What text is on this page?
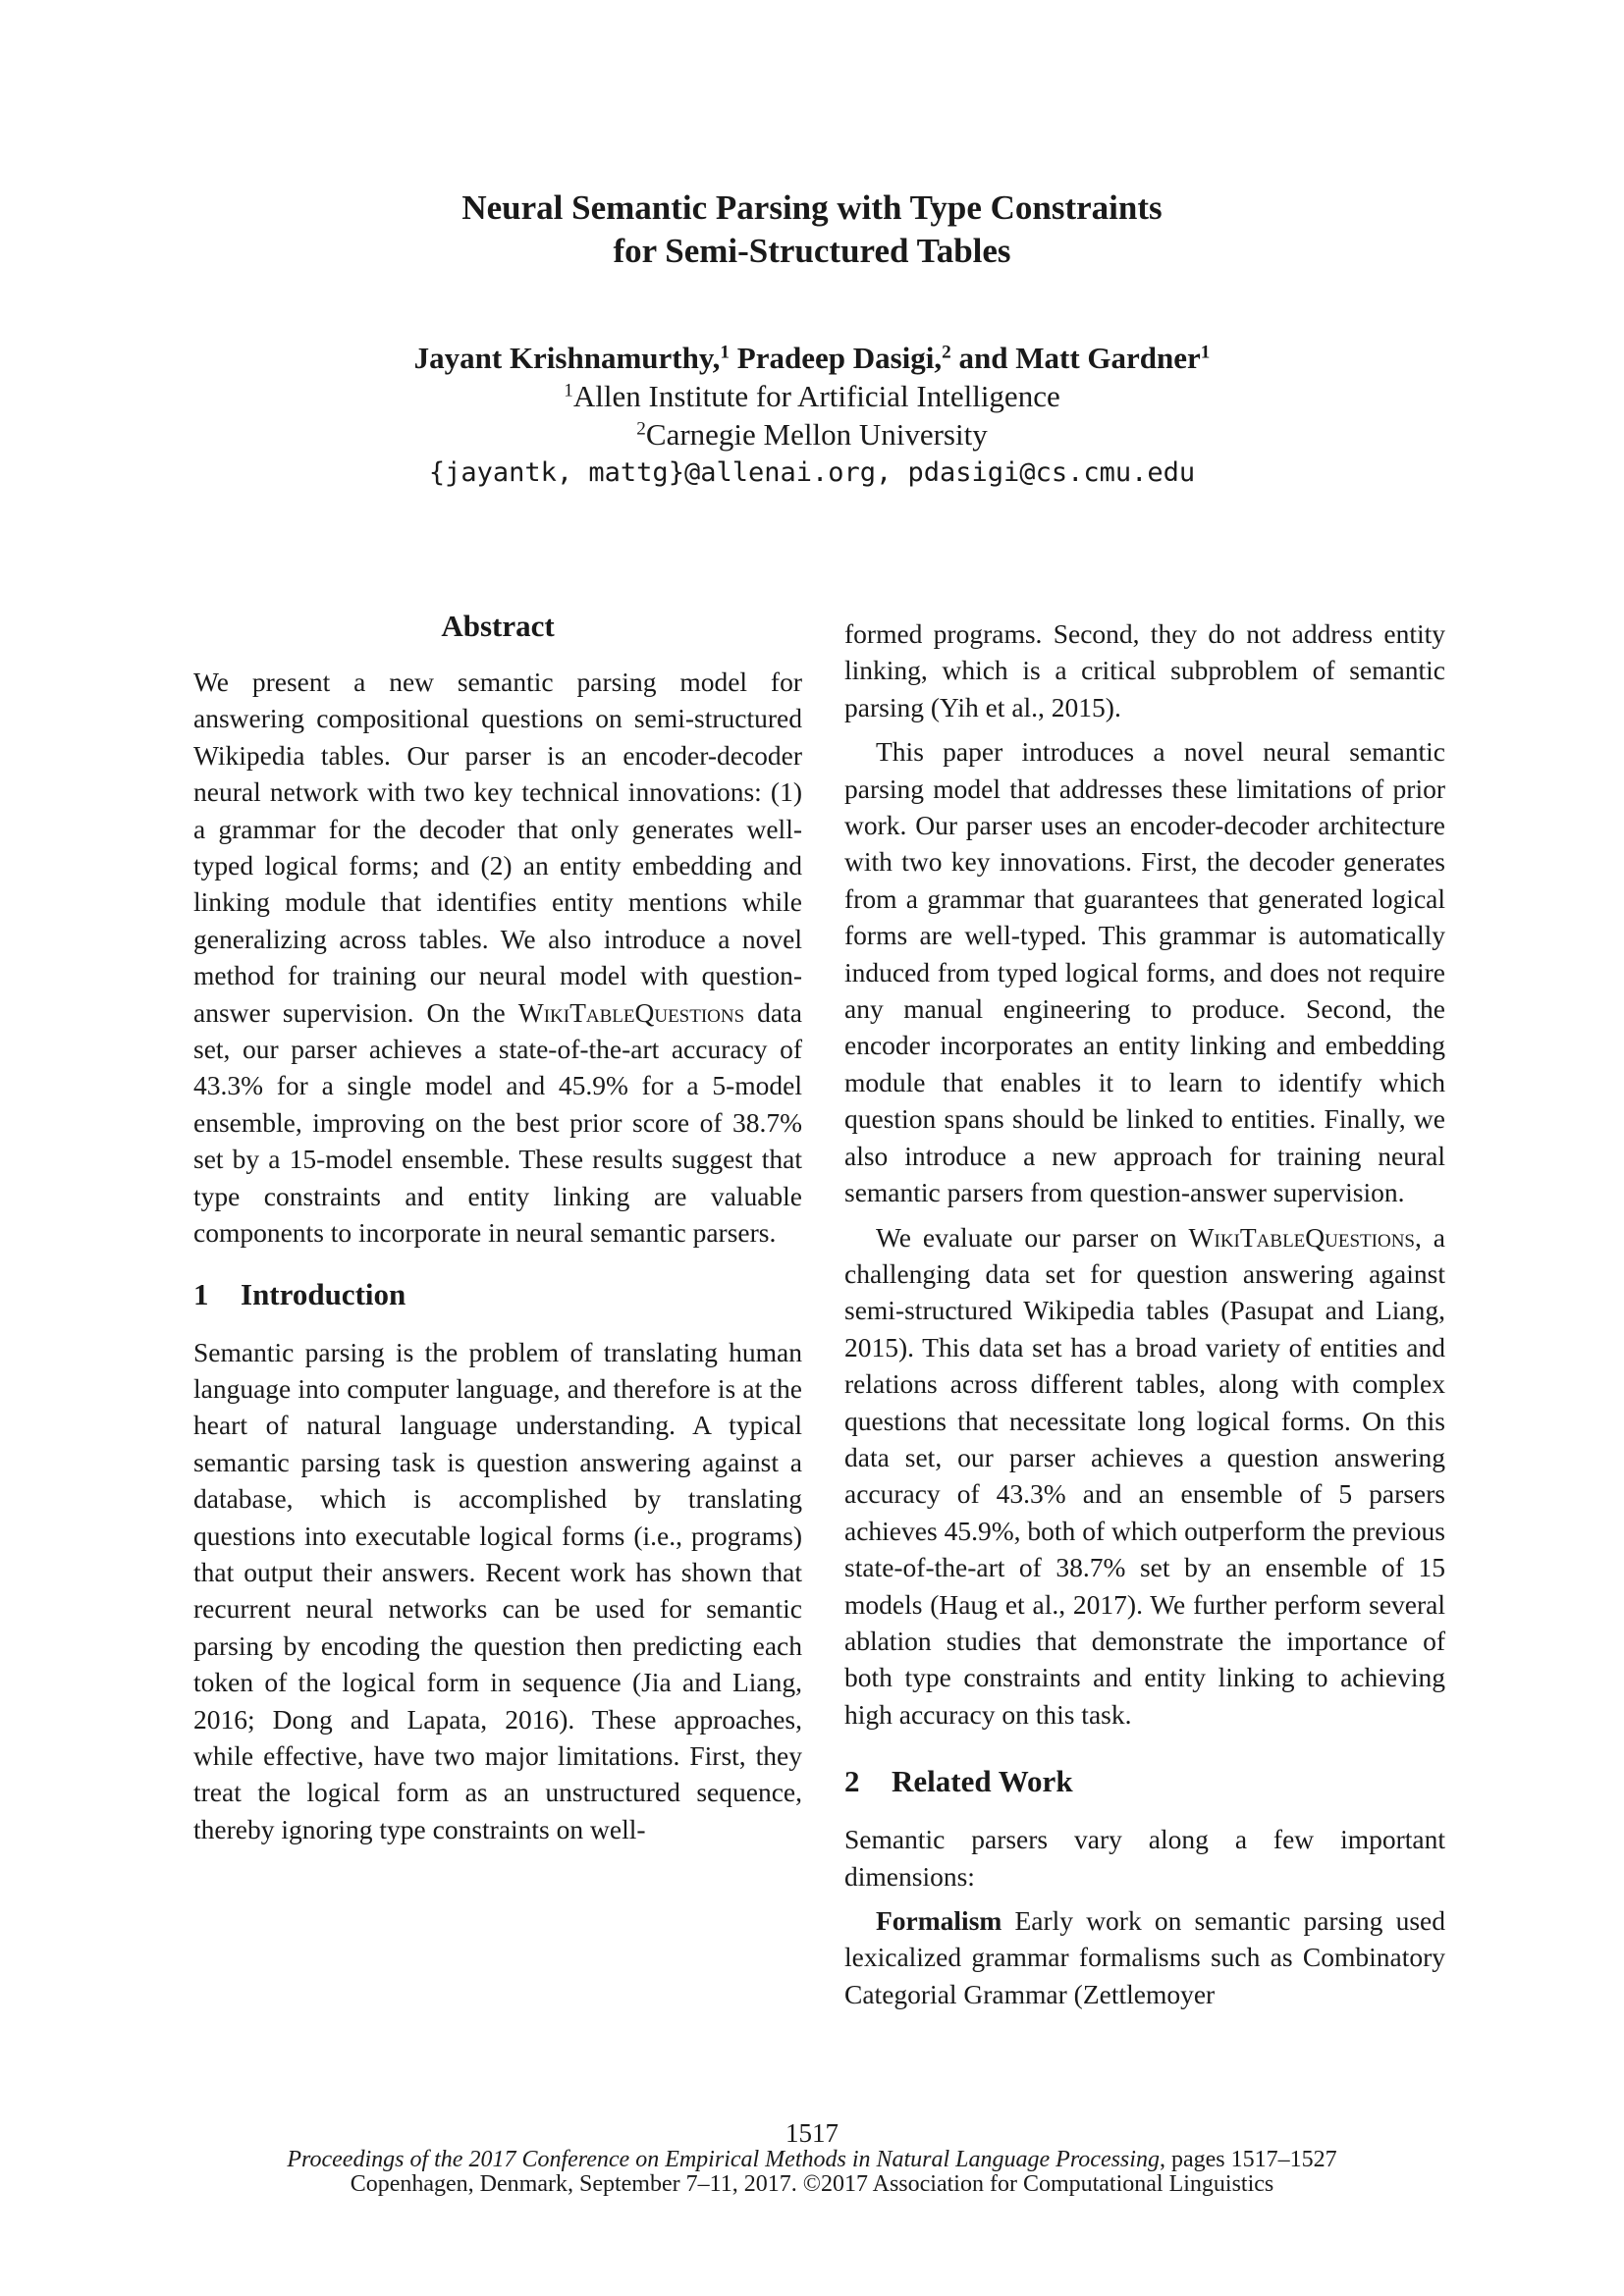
Neural Semantic Parsing with Type Constraints
for Semi-Structured Tables
Jayant Krishnamurthy,$^1$ Pradeep Dasigi,$^2$ and Matt Gardner$^1$
$^1$Allen Institute for Artificial Intelligence
$^2$Carnegie Mellon University
{jayantk, mattg}@allenai.org, pdasigi@cs.cmu.edu
Abstract

We present a new semantic parsing model for answering compositional questions on semi-structured Wikipedia tables. Our parser is an encoder-decoder neural network with two key technical innovations: (1) a grammar for the decoder that only generates well-typed logical forms; and (2) an entity embedding and linking module that identifies entity mentions while generalizing across tables. We also introduce a novel method for training our neural model with question-answer supervision. On the WikiTableQuestions data set, our parser achieves a state-of-the-art accuracy of 43.3% for a single model and 45.9% for a 5-model ensemble, improving on the best prior score of 38.7% set by a 15-model ensemble. These results suggest that type constraints and entity linking are valuable components to incorporate in neural semantic parsers.

1 Introduction

Semantic parsing is the problem of translating human language into computer language, and therefore is at the heart of natural language understanding. A typical semantic parsing task is question answering against a database, which is accomplished by translating questions into executable logical forms (i.e., programs) that output their answers. Recent work has shown that recurrent neural networks can be used for semantic parsing by encoding the question then predicting each token of the logical form in sequence (Jia and Liang, 2016; Dong and Lapata, 2016). These approaches, while effective, have two major limitations. First, they treat the logical form as an unstructured sequence, thereby ignoring type constraints on well-

formed programs. Second, they do not address entity linking, which is a critical subproblem of semantic parsing (Yih et al., 2015).

This paper introduces a novel neural semantic parsing model that addresses these limitations of prior work. Our parser uses an encoder-decoder architecture with two key innovations. First, the decoder generates from a grammar that guarantees that generated logical forms are well-typed. This grammar is automatically induced from typed logical forms, and does not require any manual engineering to produce. Second, the encoder incorporates an entity linking and embedding module that enables it to learn to identify which question spans should be linked to entities. Finally, we also introduce a new approach for training neural semantic parsers from question-answer supervision.

We evaluate our parser on WikiTableQuestions, a challenging data set for question answering against semi-structured Wikipedia tables (Pasupat and Liang, 2015). This data set has a broad variety of entities and relations across different tables, along with complex questions that necessitate long logical forms. On this data set, our parser achieves a question answering accuracy of 43.3% and an ensemble of 5 parsers achieves 45.9%, both of which outperform the previous state-of-the-art of 38.7% set by an ensemble of 15 models (Haug et al., 2017). We further perform several ablation studies that demonstrate the importance of both type constraints and entity linking to achieving high accuracy on this task.

2 Related Work

Semantic parsers vary along a few important dimensions:

Formalism Early work on semantic parsing used lexicalized grammar formalisms such as Combinatory Categorial Grammar (Zettlemoyer

1517
Proceedings of the 2017 Conference on Empirical Methods in Natural Language Processing, pages 1517–1527
Copenhagen, Denmark, September 7–11, 2017. ©2017 Association for Computational Linguistics
